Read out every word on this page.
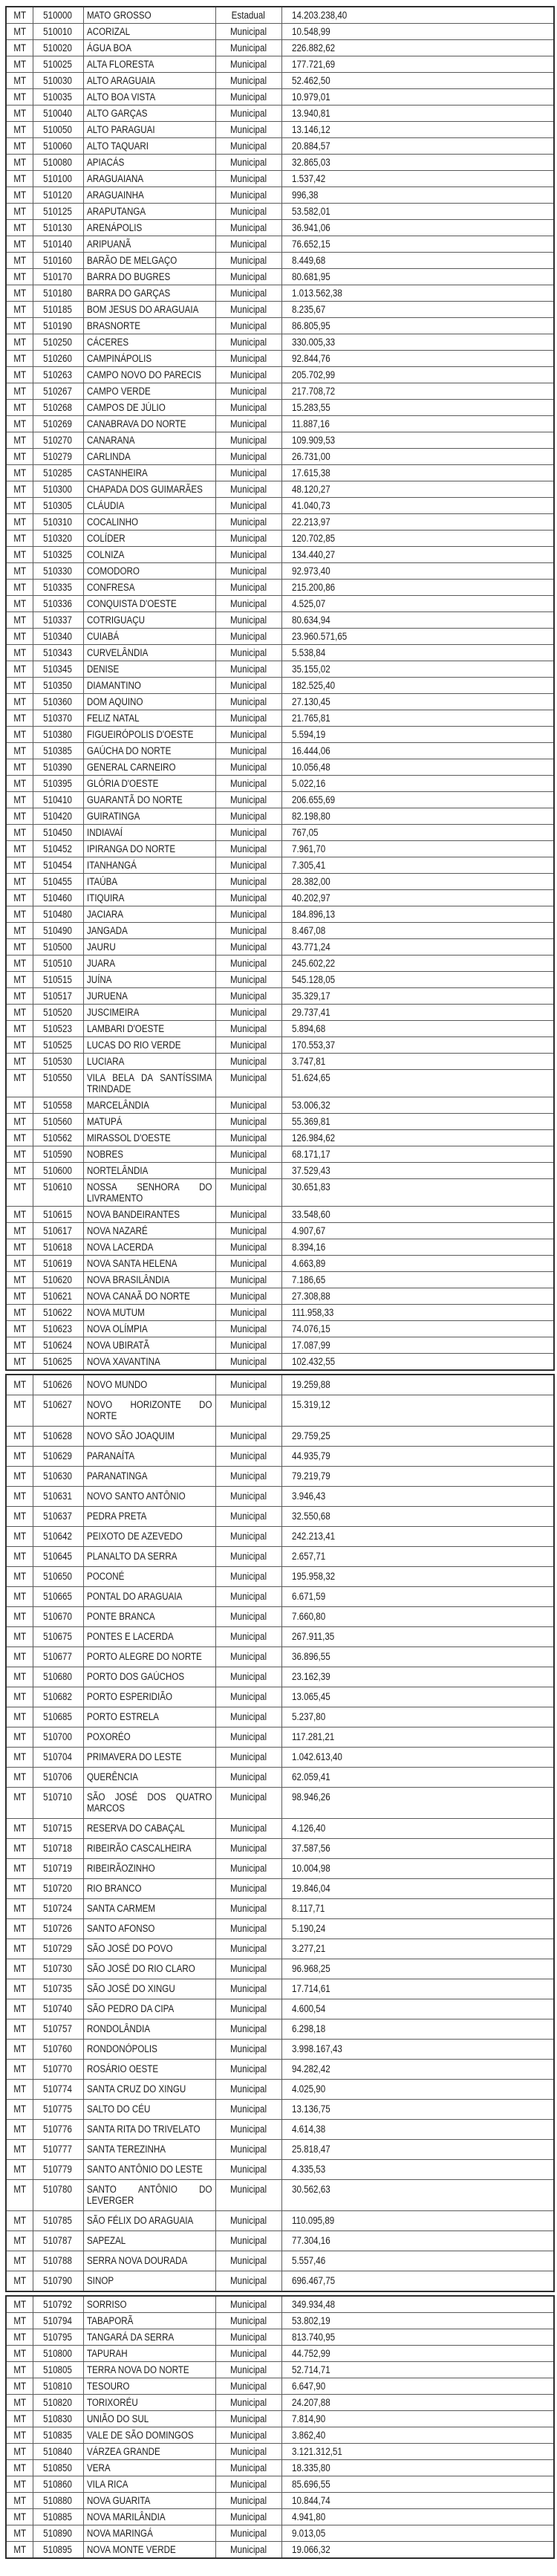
MT	510000	MATO GROSSO	Estadual	14.203.238,40
MT	510010	ACORIZAL	Municipal	10.548,99
MT	510020	ÁGUA BOA	Municipal	226.882,62
MT	510025	ALTA FLORESTA	Municipal	177.721,69
MT	510030	ALTO ARAGUAIA	Municipal	52.462,50
MT	510035	ALTO BOA VISTA	Municipal	10.979,01
MT	510040	ALTO GARÇAS	Municipal	13.940,81
MT	510050	ALTO PARAGUAI	Municipal	13.146,12
MT	510060	ALTO TAQUARI	Municipal	20.884,57
MT	510080	APIACÁS	Municipal	32.865,03
MT	510100	ARAGUAIANA	Municipal	1.537,42
MT	510120	ARAGUAINHA	Municipal	996,38
MT	510125	ARAPUTANGA	Municipal	53.582,01
MT	510130	ARENÁPOLIS	Municipal	36.941,06
MT	510140	ARIPUANÃ	Municipal	76.652,15
MT	510160	BARÃO DE MELGAÇO	Municipal	8.449,68
MT	510170	BARRA DO BUGRES	Municipal	80.681,95
MT	510180	BARRA DO GARÇAS	Municipal	1.013.562,38
MT	510185	BOM JESUS DO ARAGUAIA	Municipal	8.235,67
MT	510190	BRASNORTE	Municipal	86.805,95
MT	510250	CÁCERES	Municipal	330.005,33
MT	510260	CAMPINÁPOLIS	Municipal	92.844,76
MT	510263	CAMPO NOVO DO PARECIS	Municipal	205.702,99
MT	510267	CAMPO VERDE	Municipal	217.708,72
MT	510268	CAMPOS DE JÚLIO	Municipal	15.283,55
MT	510269	CANABRAVA DO NORTE	Municipal	11.887,16
MT	510270	CANARANA	Municipal	109.909,53
MT	510279	CARLINDA	Municipal	26.731,00
MT	510285	CASTANHEIRA	Municipal	17.615,38
MT	510300	CHAPADA DOS GUIMARÃES	Municipal	48.120,27
MT	510305	CLÁUDIA	Municipal	41.040,73
MT	510310	COCALINHO	Municipal	22.213,97
MT	510320	COLÍDER	Municipal	120.702,85
MT	510325	COLNIZA	Municipal	134.440,27
MT	510330	COMODORO	Municipal	92.973,40
MT	510335	CONFRESA	Municipal	215.200,86
MT	510336	CONQUISTA D'OESTE	Municipal	4.525,07
MT	510337	COTRIGUAÇU	Municipal	80.634,94
MT	510340	CUIABÁ	Municipal	23.960.571,65
MT	510343	CURVELÂNDIA	Municipal	5.538,84
MT	510345	DENISE	Municipal	35.155,02
MT	510350	DIAMANTINO	Municipal	182.525,40
MT	510360	DOM AQUINO	Municipal	27.130,45
MT	510370	FELIZ NATAL	Municipal	21.765,81
MT	510380	FIGUEIRÓPOLIS D'OESTE	Municipal	5.594,19
MT	510385	GAÚCHA DO NORTE	Municipal	16.444,06
MT	510390	GENERAL CARNEIRO	Municipal	10.056,48
MT	510395	GLÓRIA D'OESTE	Municipal	5.022,16
MT	510410	GUARANTÃ DO NORTE	Municipal	206.655,69
MT	510420	GUIRATINGA	Municipal	82.198,80
MT	510450	INDIAVAÍ	Municipal	767,05
MT	510452	IPIRANGA DO NORTE	Municipal	7.961,70
MT	510454	ITANHANGÁ	Municipal	7.305,41
MT	510455	ITAÚBA	Municipal	28.382,00
MT	510460	ITIQUIRA	Municipal	40.202,97
MT	510480	JACIARA	Municipal	184.896,13
MT	510490	JANGADA	Municipal	8.467,08
MT	510500	JAURU	Municipal	43.771,24
MT	510510	JUARA	Municipal	245.602,22
MT	510515	JUÍNA	Municipal	545.128,05
MT	510517	JURUENA	Municipal	35.329,17
MT	510520	JUSCIMEIRA	Municipal	29.737,41
MT	510523	LAMBARI D'OESTE	Municipal	5.894,68
MT	510525	LUCAS DO RIO VERDE	Municipal	170.553,37
MT	510530	LUCIARA	Municipal	3.747,81
MT	510550	VILA BELA DA SANTÍSSIMA
TRINDADE	Municipal	51.624,65
MT	510558	MARCELÂNDIA	Municipal	53.006,32
MT	510560	MATUPÁ	Municipal	55.369,81
MT	510562	MIRASSOL D'OESTE	Municipal	126.984,62
MT	510590	NOBRES	Municipal	68.171,17
MT	510600	NORTELÂNDIA	Municipal	37.529,43
MT	510610	NOSSA SENHORA DO
LIVRAMENTO	Municipal	30.651,83
MT	510615	NOVA BANDEIRANTES	Municipal	33.548,60
MT	510617	NOVA NAZARÉ	Municipal	4.907,67
MT	510618	NOVA LACERDA	Municipal	8.394,16
MT	510619	NOVA SANTA HELENA	Municipal	4.663,89
MT	510620	NOVA BRASILÂNDIA	Municipal	7.186,65
MT	510621	NOVA CANAÃ DO NORTE	Municipal	27.308,88
MT	510622	NOVA MUTUM	Municipal	111.958,33
MT	510623	NOVA OLÍMPIA	Municipal	74.076,15
MT	510624	NOVA UBIRATÃ	Municipal	17.087,99
MT	510625	NOVA XAVANTINA	Municipal	102.432,55
MT	510626	NOVO MUNDO	Municipal	19.259,88
MT	510627	NOVO HORIZONTE DO
NORTE	Municipal	15.319,12
MT	510628	NOVO SÃO JOAQUIM	Municipal	29.759,25
MT	510629	PARANAÍTA	Municipal	44.935,79
MT	510630	PARANATINGA	Municipal	79.219,79
MT	510631	NOVO SANTO ANTÔNIO	Municipal	3.946,43
MT	510637	PEDRA PRETA	Municipal	32.550,68
MT	510642	PEIXOTO DE AZEVEDO	Municipal	242.213,41
MT	510645	PLANALTO DA SERRA	Municipal	2.657,71
MT	510650	POCONÉ	Municipal	195.958,32
MT	510665	PONTAL DO ARAGUAIA	Municipal	6.671,59
MT	510670	PONTE BRANCA	Municipal	7.660,80
MT	510675	PONTES E LACERDA	Municipal	267.911,35
MT	510677	PORTO ALEGRE DO NORTE	Municipal	36.896,55
MT	510680	PORTO DOS GAÚCHOS	Municipal	23.162,39
MT	510682	PORTO ESPERIDIÃO	Municipal	13.065,45
MT	510685	PORTO ESTRELA	Municipal	5.237,80
MT	510700	POXORÉO	Municipal	117.281,21
MT	510704	PRIMAVERA DO LESTE	Municipal	1.042.613,40
MT	510706	QUERÊNCIA	Municipal	62.059,41
MT	510710	SÃO JOSÉ DOS QUATRO
MARCOS	Municipal	98.946,26
MT	510715	RESERVA DO CABAÇAL	Municipal	4.126,40
MT	510718	RIBEIRÃO CASCALHEIRA	Municipal	37.587,56
MT	510719	RIBEIRÃOZINHO	Municipal	10.004,98
MT	510720	RIO BRANCO	Municipal	19.846,04
MT	510724	SANTA CARMEM	Municipal	8.117,71
MT	510726	SANTO AFONSO	Municipal	5.190,24
MT	510729	SÃO JOSÉ DO POVO	Municipal	3.277,21
MT	510730	SÃO JOSÉ DO RIO CLARO	Municipal	96.968,25
MT	510735	SÃO JOSÉ DO XINGU	Municipal	17.714,61
MT	510740	SÃO PEDRO DA CIPA	Municipal	4.600,54
MT	510757	RONDOLÂNDIA	Municipal	6.298,18
MT	510760	RONDONÓPOLIS	Municipal	3.998.167,43
MT	510770	ROSÁRIO OESTE	Municipal	94.282,42
MT	510774	SANTA CRUZ DO XINGU	Municipal	4.025,90
MT	510775	SALTO DO CÉU	Municipal	13.136,75
MT	510776	SANTA RITA DO TRIVELATO	Municipal	4.614,38
MT	510777	SANTA TEREZINHA	Municipal	25.818,47
MT	510779	SANTO ANTÔNIO DO LESTE	Municipal	4.335,53
MT	510780	SANTO ANTÔNIO DO
LEVERGER	Municipal	30.562,63
MT	510785	SÃO FÉLIX DO ARAGUAIA	Municipal	110.095,89
MT	510787	SAPEZAL	Municipal	77.304,16
MT	510788	SERRA NOVA DOURADA	Municipal	5.557,46
MT	510790	SINOP	Municipal	696.467,75
MT	510792	SORRISO	Municipal	349.934,48
MT	510794	TABAPORÃ	Municipal	53.802,19
MT	510795	TANGARÁ DA SERRA	Municipal	813.740,95
MT	510800	TAPURAH	Municipal	44.752,99
MT	510805	TERRA NOVA DO NORTE	Municipal	52.714,71
MT	510810	TESOURO	Municipal	6.647,90
MT	510820	TORIXORÉU	Municipal	24.207,88
MT	510830	UNIÃO DO SUL	Municipal	7.814,90
MT	510835	VALE DE SÃO DOMINGOS	Municipal	3.862,40
MT	510840	VÁRZEA GRANDE	Municipal	3.121.312,51
MT	510850	VERA	Municipal	18.335,80
MT	510860	VILA RICA	Municipal	85.696,55
MT	510880	NOVA GUARITA	Municipal	10.844,74
MT	510885	NOVA MARILÂNDIA	Municipal	4.941,80
MT	510890	NOVA MARINGÁ	Municipal	9.013,05
MT	510895	NOVA MONTE VERDE	Municipal	19.066,32
